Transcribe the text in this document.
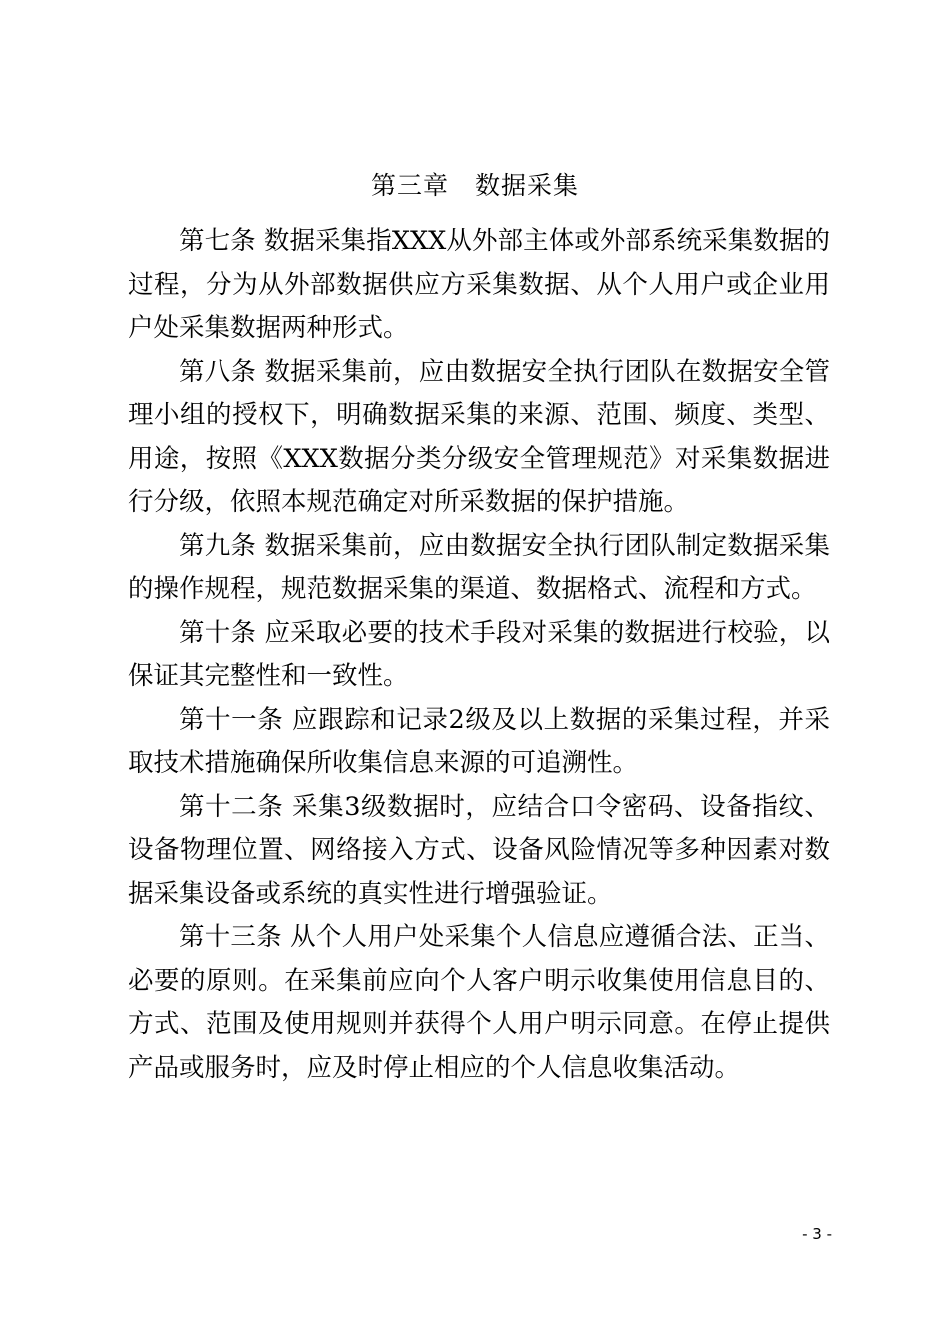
第三章　数据采集

第七条 数据采集指XXX从外部主体或外部系统采集数据的过程，分为从外部数据供应方采集数据、从个人用户或企业用户处采集数据两种形式。

第八条 数据采集前，应由数据安全执行团队在数据安全管理小组的授权下，明确数据采集的来源、范围、频度、类型、用途，按照《XXX数据分类分级安全管理规范》对采集数据进行分级，依照本规范确定对所采数据的保护措施。

第九条 数据采集前，应由数据安全执行团队制定数据采集的操作规程，规范数据采集的渠道、数据格式、流程和方式。

第十条 应采取必要的技术手段对采集的数据进行校验，以保证其完整性和一致性。

第十一条 应跟踪和记录2级及以上数据的采集过程，并采取技术措施确保所收集信息来源的可追溯性。

第十二条 采集3级数据时，应结合口令密码、设备指纹、设备物理位置、网络接入方式、设备风险情况等多种因素对数据采集设备或系统的真实性进行增强验证。

第十三条 从个人用户处采集个人信息应遵循合法、正当、必要的原则。在采集前应向个人客户明示收集使用信息目的、方式、范围及使用规则并获得个人用户明示同意。在停止提供产品或服务时，应及时停止相应的个人信息收集活动。

- 3 -
